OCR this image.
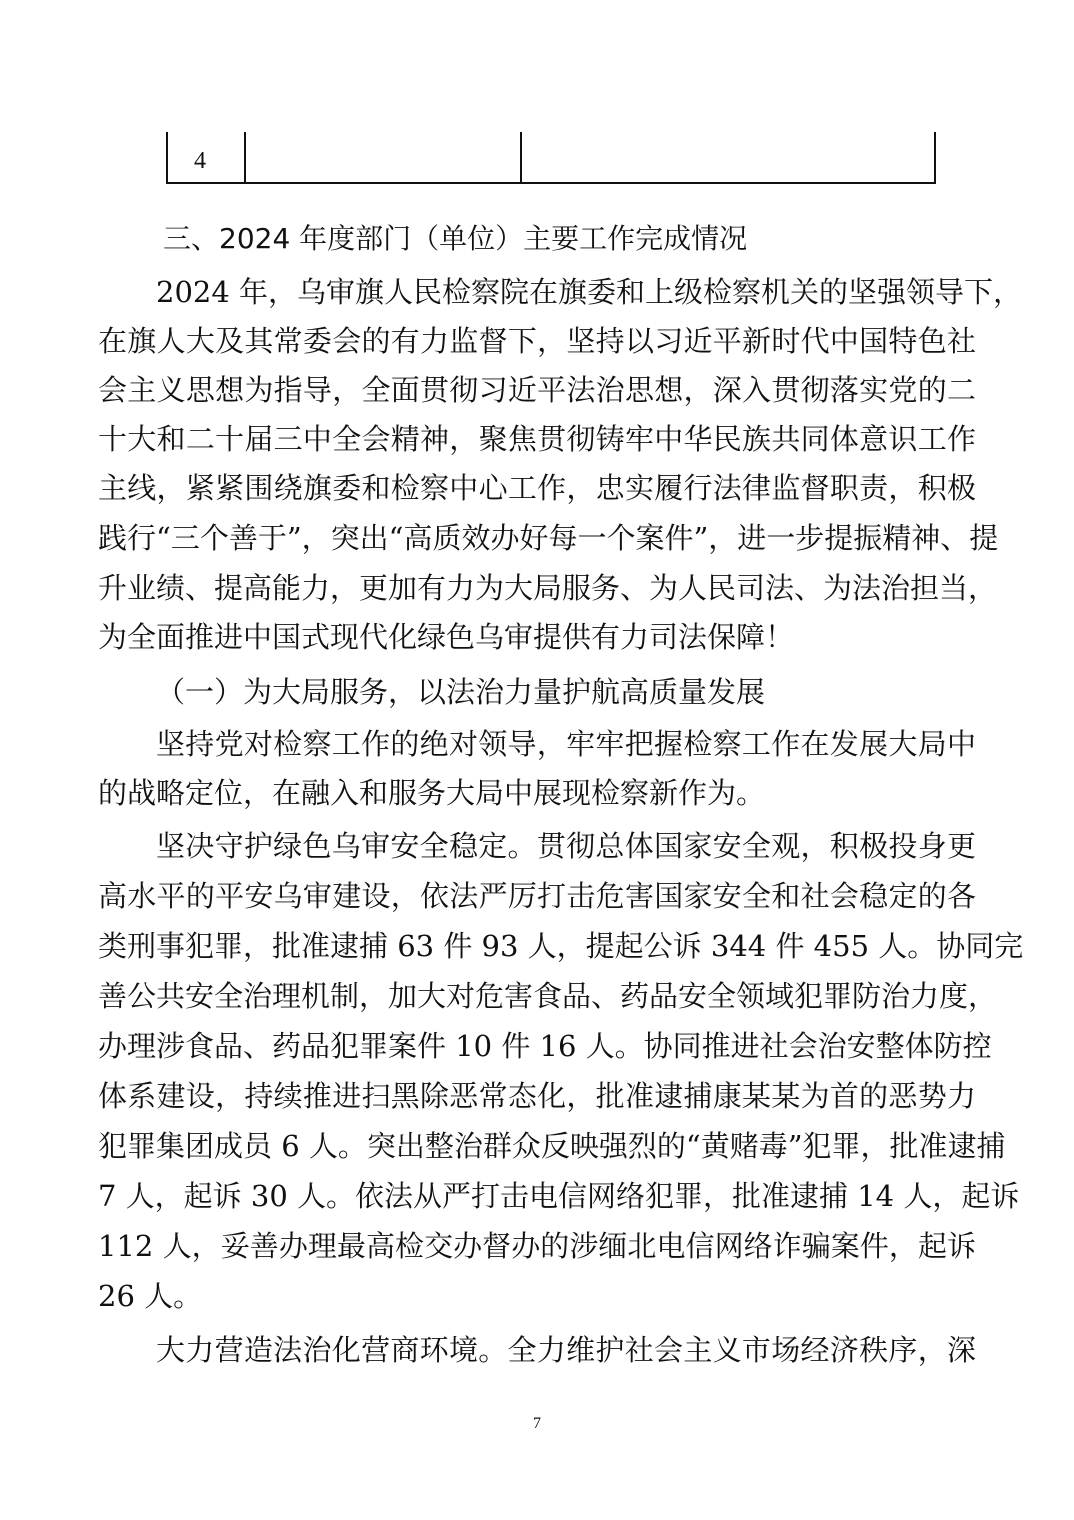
4
三、2024 年度部门（单位）主要工作完成情况
2024 年，乌审旗人民检察院在旗委和上级检察机关的坚强领导下，
在旗人大及其常委会的有力监督下，坚持以习近平新时代中国特色社
会主义思想为指导，全面贯彻习近平法治思想，深入贯彻落实党的二
十大和二十届三中全会精神，聚焦贯彻铸牢中华民族共同体意识工作
主线，紧紧围绕旗委和检察中心工作，忠实履行法律监督职责，积极
践行“三个善于”，突出“高质效办好每一个案件”，进一步提振精神、提
升业绩、提高能力，更加有力为大局服务、为人民司法、为法治担当，
为全面推进中国式现代化绿色乌审提供有力司法保障！
（一）为大局服务，以法治力量护航高质量发展
坚持党对检察工作的绝对领导，牢牢把握检察工作在发展大局中
的战略定位，在融入和服务大局中展现检察新作为。
坚决守护绿色乌审安全稳定。贯彻总体国家安全观，积极投身更
高水平的平安乌审建设，依法严厉打击危害国家安全和社会稳定的各
类刑事犯罪，批准逮捕 63 件 93 人，提起公诉 344 件 455 人。协同完
善公共安全治理机制，加大对危害食品、药品安全领域犯罪防治力度，
办理涉食品、药品犯罪案件 10 件 16 人。协同推进社会治安整体防控
体系建设，持续推进扫黑除恶常态化，批准逮捕康某某为首的恶势力
犯罪集团成员 6 人。突出整治群众反映强烈的“黄赌毒”犯罪，批准逮捕
7 人，起诉 30 人。依法从严打击电信网络犯罪，批准逮捕 14 人，起诉
112 人，妥善办理最高检交办督办的涉缅北电信网络诈骗案件，起诉
26 人。
大力营造法治化营商环境。全力维护社会主义市场经济秩序，深
7
